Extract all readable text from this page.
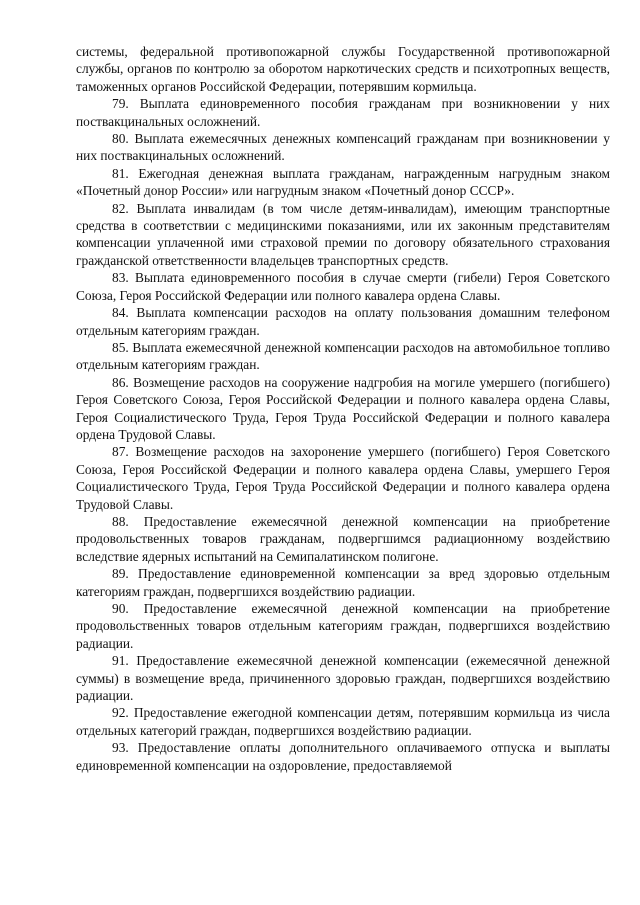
системы, федеральной противопожарной службы Государственной противопожарной службы, органов по контролю за оборотом наркотических средств и психотропных веществ, таможенных органов Российской Федерации, потерявшим кормильца.

79. Выплата единовременного пособия гражданам при возникновении у них поствакцинальных осложнений.

80. Выплата ежемесячных денежных компенсаций гражданам при возникновении у них поствакцинальных осложнений.

81. Ежегодная денежная выплата гражданам, награжденным нагрудным знаком «Почетный донор России» или нагрудным знаком «Почетный донор СССР».

82. Выплата инвалидам (в том числе детям-инвалидам), имеющим транспортные средства в соответствии с медицинскими показаниями, или их законным представителям компенсации уплаченной ими страховой премии по договору обязательного страхования гражданской ответственности владельцев транспортных средств.

83. Выплата единовременного пособия в случае смерти (гибели) Героя Советского Союза, Героя Российской Федерации или полного кавалера ордена Славы.

84. Выплата компенсации расходов на оплату пользования домашним телефоном отдельным категориям граждан.

85. Выплата ежемесячной денежной компенсации расходов на автомобильное топливо отдельным категориям граждан.

86. Возмещение расходов на сооружение надгробия на могиле умершего (погибшего) Героя Советского Союза, Героя Российской Федерации и полного кавалера ордена Славы, Героя Социалистического Труда, Героя Труда Российской Федерации и полного кавалера ордена Трудовой Славы.

87. Возмещение расходов на захоронение умершего (погибшего) Героя Советского Союза, Героя Российской Федерации и полного кавалера ордена Славы, умершего Героя Социалистического Труда, Героя Труда Российской Федерации и полного кавалера ордена Трудовой Славы.

88. Предоставление ежемесячной денежной компенсации на приобретение продовольственных товаров гражданам, подвергшимся радиационному воздействию вследствие ядерных испытаний на Семипалатинском полигоне.

89. Предоставление единовременной компенсации за вред здоровью отдельным категориям граждан, подвергшихся воздействию радиации.

90. Предоставление ежемесячной денежной компенсации на приобретение продовольственных товаров отдельным категориям граждан, подвергшихся воздействию радиации.

91. Предоставление ежемесячной денежной компенсации (ежемесячной денежной суммы) в возмещение вреда, причиненного здоровью граждан, подвергшихся воздействию радиации.

92. Предоставление ежегодной компенсации детям, потерявшим кормильца из числа отдельных категорий граждан, подвергшихся воздействию радиации.

93. Предоставление оплаты дополнительного оплачиваемого отпуска и выплаты единовременной компенсации на оздоровление, предоставляемой
